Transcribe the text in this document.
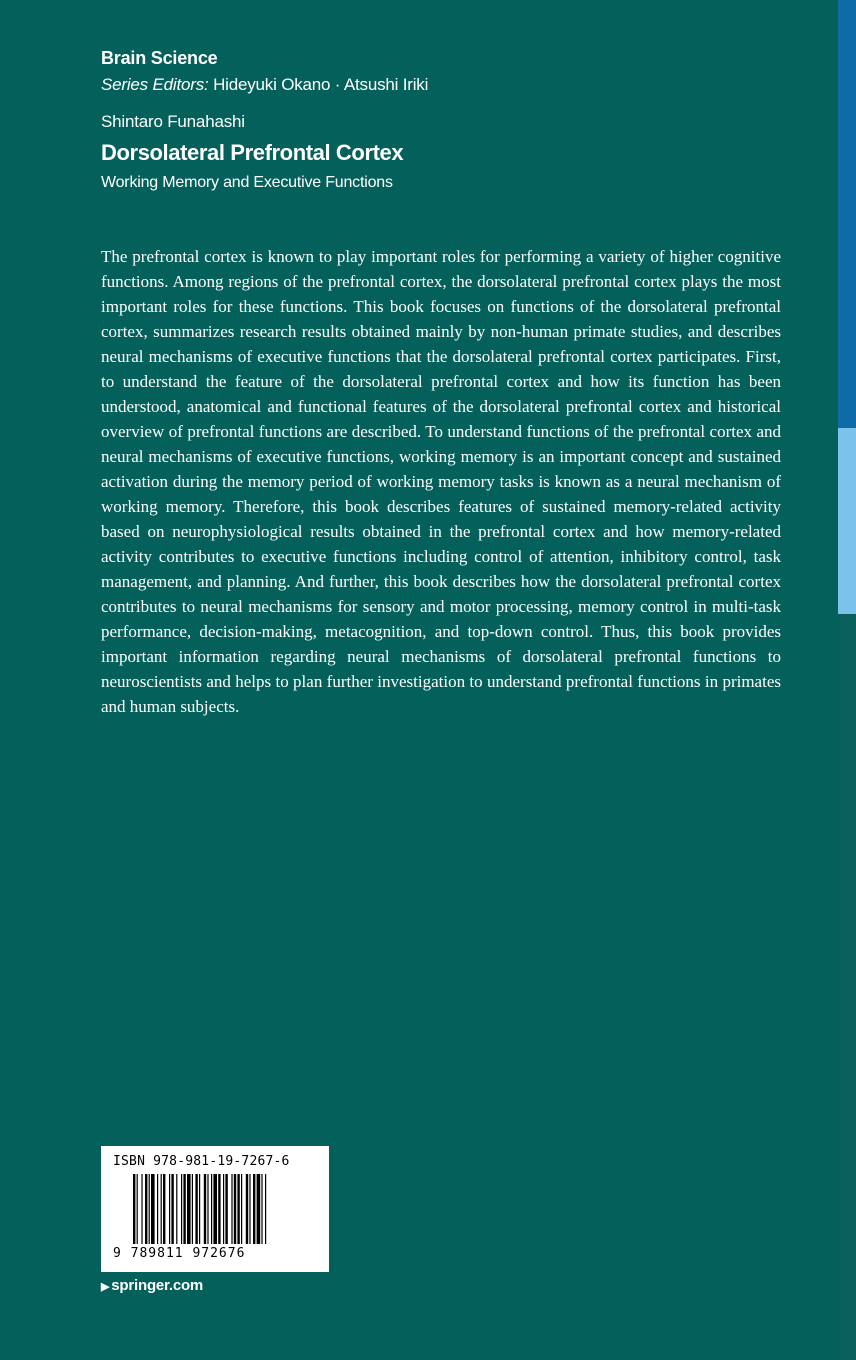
Brain Science
Series Editors: Hideyuki Okano · Atsushi Iriki
Shintaro Funahashi
Dorsolateral Prefrontal Cortex
Working Memory and Executive Functions

The prefrontal cortex is known to play important roles for performing a variety of higher cognitive functions. Among regions of the prefrontal cortex, the dorsolateral prefrontal cortex plays the most important roles for these functions. This book focuses on functions of the dorsolateral prefrontal cortex, summarizes research results obtained mainly by non-human primate studies, and describes neural mechanisms of executive functions that the dorsolateral prefrontal cortex participates. First, to understand the feature of the dorsolateral prefrontal cortex and how its function has been understood, anatomical and functional features of the dorsolateral prefrontal cortex and historical overview of prefrontal functions are described. To understand functions of the prefrontal cortex and neural mechanisms of executive functions, working memory is an important concept and sustained activation during the memory period of working memory tasks is known as a neural mechanism of working memory. Therefore, this book describes features of sustained memory-related activity based on neurophysiological results obtained in the prefrontal cortex and how memory-related activity contributes to executive functions including control of attention, inhibitory control, task management, and planning. And further, this book describes how the dorsolateral prefrontal cortex contributes to neural mechanisms for sensory and motor processing, memory control in multi-task performance, decision-making, metacognition, and top-down control. Thus, this book provides important information regarding neural mechanisms of dorsolateral prefrontal functions to neuroscientists and helps to plan further investigation to understand prefrontal functions in primates and human subjects.

ISBN 978-981-19-7267-6
9 789811 972676
▶ springer.com
